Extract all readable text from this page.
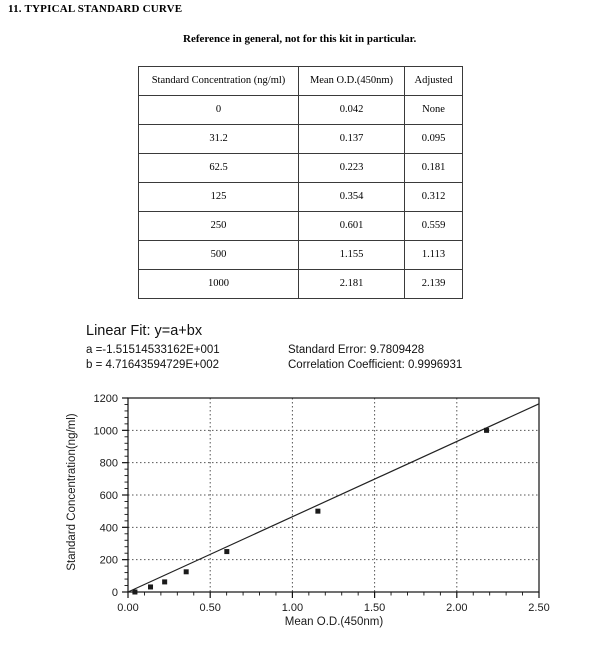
11. TYPICAL STANDARD CURVE
Reference in general, not for this kit in particular.
Standard Concentration (ng/ml)	Mean O.D.(450nm)	Adjusted
0	0.042	None
31.2	0.137	0.095
62.5	0.223	0.181
125	0.354	0.312
250	0.601	0.559
500	1.155	1.113
1000	2.181	2.139
Linear Fit: y=a+bx
a =-1.51514533162E+001	Standard Error: 9.7809428
b = 4.71643594729E+002	Correlation Coefficient: 0.9996931
0.00	0.50	1.00	1.50	2.00	2.50
0
200
400
600
800
1000
1200
Mean O.D.(450nm)
Standard Concentration(ng/ml)
